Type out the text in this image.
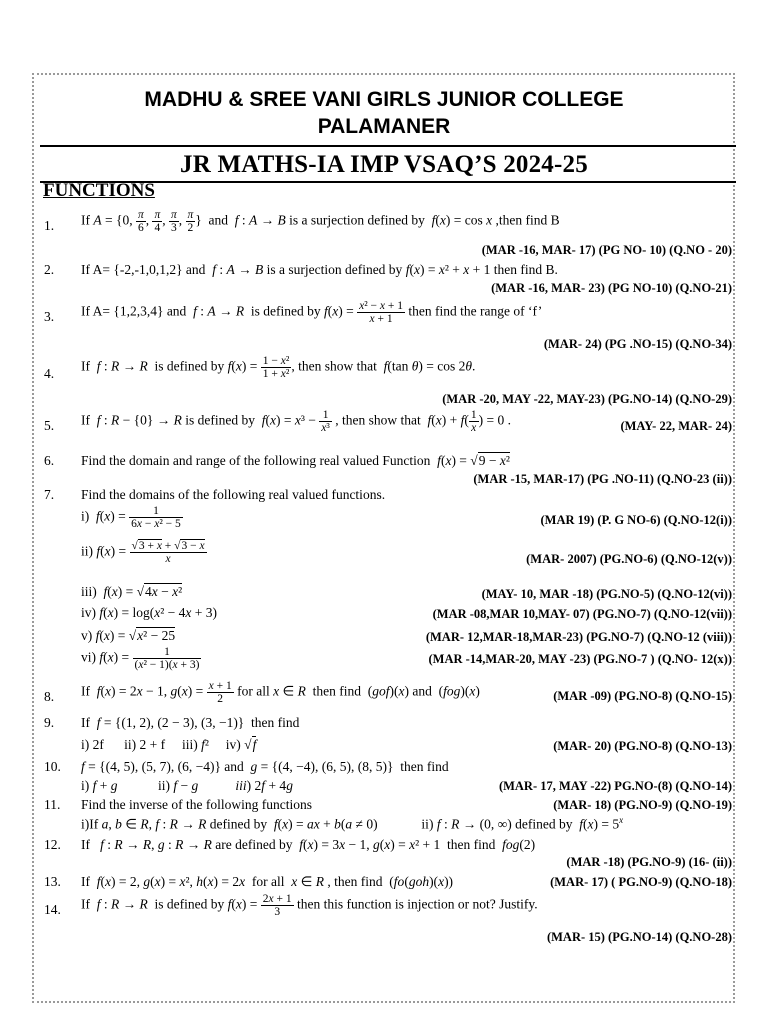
MADHU & SREE VANI GIRLS JUNIOR COLLEGE
PALAMANER
JR MATHS-IA IMP VSAQ’S 2024-25
FUNCTIONS
1. If A = {0, $\frac{\pi}{6}$ , $\frac{\pi}{4}$ , $\frac{\pi}{3}$ , $\frac{\pi}{2}$ }  and  f : A → B is a surjection defined by  f(x) = cos x ,then find B
(MAR -16, MAR- 17) (PG NO- 10) (Q.NO - 20)
2. If A= {-2,-1,0,1,2} and  f : A → B is a surjection defined by f(x) = x² + x + 1 then find B.
(MAR -16, MAR- 23) (PG NO-10) (Q.NO-21)
3. If A= {1,2,3,4} and  f : A → R  is defined by $f(x) = \frac{\text{x² − x + 1}}{x + 1}$ then find the range of ‘f’
(MAR- 24) (PG .NO-15) (Q.NO-34)
4. If  f : R → R  is defined by $f(x) = \frac{\text{1 − x²}}{\text{1 + x²}}$ , then show that  f(tan θ) = cos 2θ.
(MAR -20, MAY -22, MAY-23) (PG.NO-14) (Q.NO-29)
5. If  f : R − {0} → R is defined by  $f(x) = x^3 - \frac{1}{\text{x³}}$ , then show that  $f(x) + f( \frac{1}{x}$ ) = 0 .	(MAY- 22, MAR- 24)
6. Find the domain and range of the following real valued Function f(x) = √9 − x²
(MAR -15, MAR-17) (PG .NO-11) (Q.NO-23 (ii))
7. Find the domains of the following real valued functions.
i)  $f(x) = \frac{1}{\text{6x − x² − 5}}$	(MAR 19) (P. G NO-6) (Q.NO-12(i))
ii) $f(x) = \frac{√3 + x + √3 - x}{x}$	(MAR- 2007) (PG.NO-6) (Q.NO-12(v))
iii)  f(x) = √4x − x²	(MAY- 10, MAR -18) (PG.NO-5) (Q.NO-12(vi))
iv) f(x) = log(x² − 4x + 3)	(MAR -08,MAR 10,MAY- 07) (PG.NO-7) (Q.NO-12(vii))
v) f(x) = √x² − 25	(MAR- 12,MAR-18,MAR-23) (PG.NO-7) (Q.NO-12 (viii))
vi) $f(x) = \frac{1}{\text{(x² − 1)(x + 3)}}$	(MAR -14,MAR-20, MAY -23) (PG.NO-7 ) (Q.NO- 12(x))
8. If  f(x) = 2x − 1, $g(x) = \frac{x + 1}{2}$ for all x ∈ R  then find  (gof)(x) and  (fog)(x)	(MAR -09) (PG.NO-8) (Q.NO-15)
9. If  f = {(1, 2), (2 − 3), (3, −1)}  then find
i) 2f      ii) 2 + f     iii) f²     iv) √f	(MAR- 20) (PG.NO-8) (Q.NO-13)
10. f = {(4, 5), (5, 7), (6, −4)} and  g = {(4, −4), (6, 5), (8, 5)}  then find
i) f + g            ii) f − g	iii) 2f + 4g	(MAR- 17, MAY -22) PG.NO-(8) (Q.NO-14)
11. Find the inverse of the following functions	(MAR- 18) (PG.NO-9) (Q.NO-19)
i)If a, b ∈ R, f : R → R defined by  f(x) = ax + b(a ≠ 0)             ii) f : R → (0, ∞) defined by  $f(x) = 5^x$
12. If   f : R → R, g : R → R are defined by  f(x) = 3x − 1, g(x) = x² + 1  then find  fog(2)
(MAR -18) (PG.NO-9) (16- (ii))
13. If  f(x) = 2, g(x) = x², h(x) = 2x  for all  x ∈ R , then find  (fo(goh)(x))	(MAR- 17) ( PG.NO-9) (Q.NO-18)
14. If  f : R → R  is defined by $f(x) = \frac{2x + 1}{3}$ then this function is injection or not? Justify.
(MAR- 15) (PG.NO-14) (Q.NO-28)
